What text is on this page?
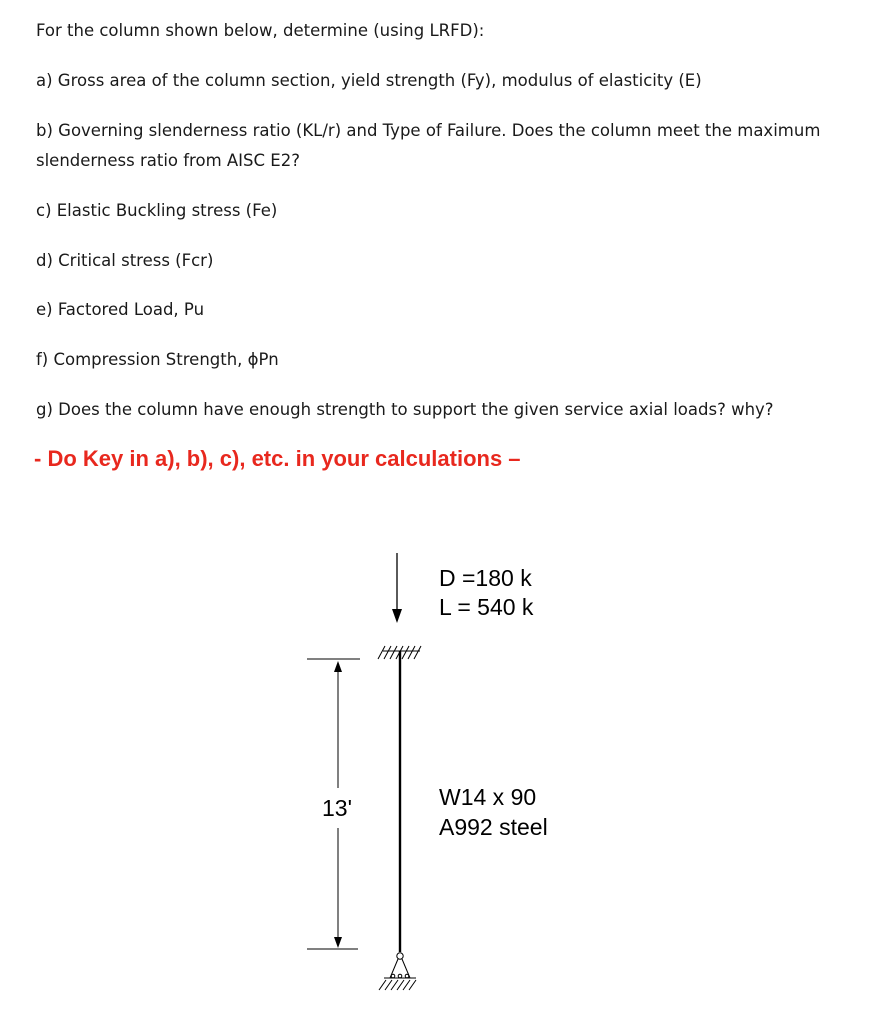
For the column shown below, determine (using LRFD):

a) Gross area of the column section, yield strength (Fy), modulus of elasticity (E)

b) Governing slenderness ratio (KL/r) and Type of Failure. Does the column meet the maximum

slenderness ratio from AISC E2?

c) Elastic Buckling stress (Fe)

d) Critical stress (Fcr)

e) Factored Load, Pu

f) Compression Strength, ϕPn

g) Does the column have enough strength to support the given service axial loads? why?

- Do Key in a), b), c), etc. in your calculations –

D =180 k
L = 540 k
13'	W14 x 90
A992 steel
